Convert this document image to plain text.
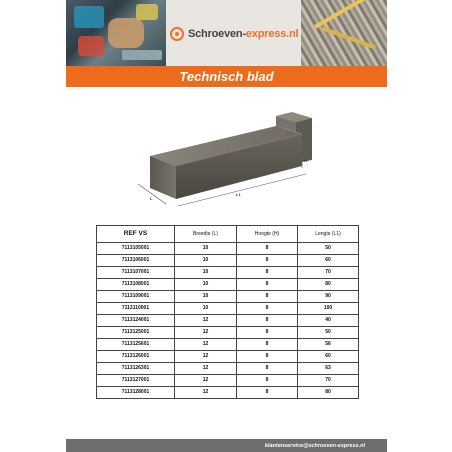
Schroeven-express.nl
Technisch blad
L
L1
H
REF VS	Breedte (L)	Hoogte (H)	Lengte (L1)
7113105001	10	8	50
7113106001	10	8	60
7113107001	10	8	70
7113108001	10	8	80
7113109001	10	8	90
7113110001	10	8	100
7113124001	12	8	40
7113125001	12	8	50
7113125601	12	8	56
7113126001	12	8	60
7113126301	12	8	63
7113127001	12	8	70
7113128001	12	8	80
klantenservice@schroeven-express.nl
